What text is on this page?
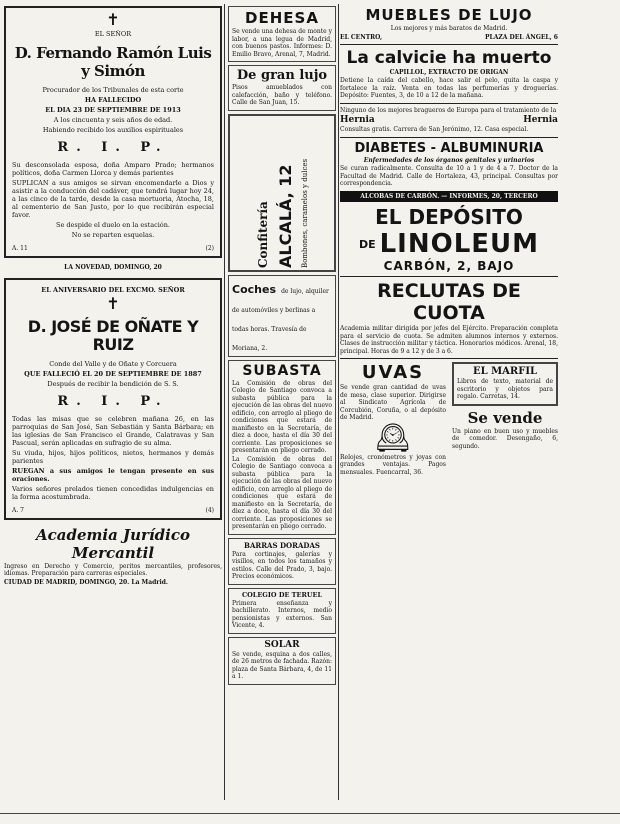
✝
EL SEÑOR
D. Fernando Ramón Luis y Simón
Procurador de los Tribunales de esta corte
HA FALLECIDO
EL DIA 23 DE SEPTIEMBRE DE 1913
A los cincuenta y seis años de edad.
Habiendo recibido los auxilios espirituales
R. I. P.
Su desconsolada esposa, doña Amparo Prado; hermanos políticos, doña Carmen Llorca y demás parientes
SUPLICAN a sus amigos se sirvan encomendarle a Dios y asistir a la conducción del cadáver, que tendrá lugar hoy 24, a las cinco de la tarde, desde la casa mortuoria, Atocha, 18, al cementerio de San Justo, por lo que recibirán especial favor.
Se despide el duelo en la estación.
No se reparten esquelas.
A. 11	(2)
LA NOVEDAD, DOMINGO, 20
EL ANIVERSARIO DEL EXCMO. SEÑOR
✝
D. JOSÉ DE OÑATE Y RUIZ
Conde del Valle y de Oñate y Corcuera
QUE FALLECIÓ EL 20 DE SEPTIEMBRE DE 1887
Después de recibir la bendición de S. S.
R. I. P.
Todas las misas que se celebren mañana 26, en las parroquias de San José, San Sebastián y Santa Bárbara; en las iglesias de San Francisco el Grande, Calatravas y San Pascual, serán aplicadas en sufragio de su alma.
Su viuda, hijos, hijos políticos, nietos, hermanos y demás parientes
RUEGAN a sus amigos le tengan presente en sus oraciones.
Varios señores prelados tienen concedidas indulgencias en la forma acostumbrada.
A. 7	(4)
Academia Jurídico Mercantil
Ingreso en Derecho y Comercio, peritos mercantiles, profesores, idiomas. Preparación para carreras especiales.
CIUDAD DE MADRID, DOMINGO, 20. La Madrid.
DEHESA
Se vende una dehesa de monte y labor, a una legua de Madrid, con buenos pastos. Informes: D. Emilio Bravo, Arenal, 7, Madrid.
De gran lujo
Pisos amueblados con calefacción, baño y teléfono. Calle de San Juan, 15.
Confitería ALCALÁ, 12 Bombones, caramelos y dulces
Coches de lujo, alquiler de automóviles y berlinas a todas horas. Travesía de Moriana, 2.
SUBASTA
La Comisión de obras del Colegio de Santiago convoca a subasta pública para la ejecución de las obras del nuevo edificio, con arreglo al pliego de condiciones que estará de manifiesto en la Secretaría, de diez a doce, hasta el día 30 del corriente. Las proposiciones se presentarán en pliego cerrado.
La Comisión de obras del Colegio de Santiago convoca a subasta pública para la ejecución de las obras del nuevo edificio, con arreglo al pliego de condiciones que estará de manifiesto en la Secretaría, de diez a doce, hasta el día 30 del corriente. Las proposiciones se presentarán en pliego cerrado.
BARRAS DORADAS
Para cortinajes, galerías y visillos, en todos los tamaños y estilos. Calle del Prado, 3, bajo. Precios económicos.
COLEGIO DE TERUEL
Primera enseñanza y bachillerato. Internos, medio pensionistas y externos. San Vicente, 4.
SOLAR
Se vende, esquina a dos calles, de 26 metros de fachada. Razón: plaza de Santa Bárbara, 4, de 11 a 1.
MUEBLES DE LUJO
Los mejores y más baratos de Madrid.
EL CENTRO,	PLAZA DEL ÁNGEL, 6
La calvicie ha muerto
CAPILLOL, EXTRACTO DE ORIGAN
Detiene la caída del cabello, hace salir el pelo, quita la caspa y fortalece la raíz. Venta en todas las perfumerías y droguerías. Depósito: Fuentes, 3, de 10 a 12 de la mañana.
Ninguno de los mejores bragueros de Europa para el tratamiento de la
Hernia	Hernia
Consultas gratis. Carrera de San Jerónimo, 12. Casa especial.
DIABETES - ALBUMINURIA
Enfermedades de los órganos genitales y urinarios
Se curan radicalmente. Consulta de 10 a 1 y de 4 a 7. Doctor de la Facultad de Madrid. Calle de Hortaleza, 43, principal. Consultas por correspondencia.
ALCOBAS DE CARBÓN. — INFORMES, 20, TERCERO
EL DEPÓSITO
DE LINOLEUM
CARBÓN, 2, BAJO
RECLUTAS DE CUOTA
Academia militar dirigida por jefes del Ejército. Preparación completa para el servicio de cuota. Se admiten alumnos internos y externos. Clases de instrucción militar y táctica. Honorarios módicos. Arenal, 18, principal. Horas de 9 a 12 y de 3 a 6.
UVAS
Se vende gran cantidad de uvas de mesa, clase superior. Dirigirse al Sindicato Agrícola de Corcubión, Coruña, o al depósito de Madrid.
🕰
Relojes, cronómetros y joyas con grandes ventajas. Pagos mensuales. Fuencarral, 36.
EL MARFIL
Libros de texto, material de escritorio y objetos para regalo. Carretas, 14.
Se vende
Un piano en buen uso y muebles de comedor. Desengaño, 6, segundo.
